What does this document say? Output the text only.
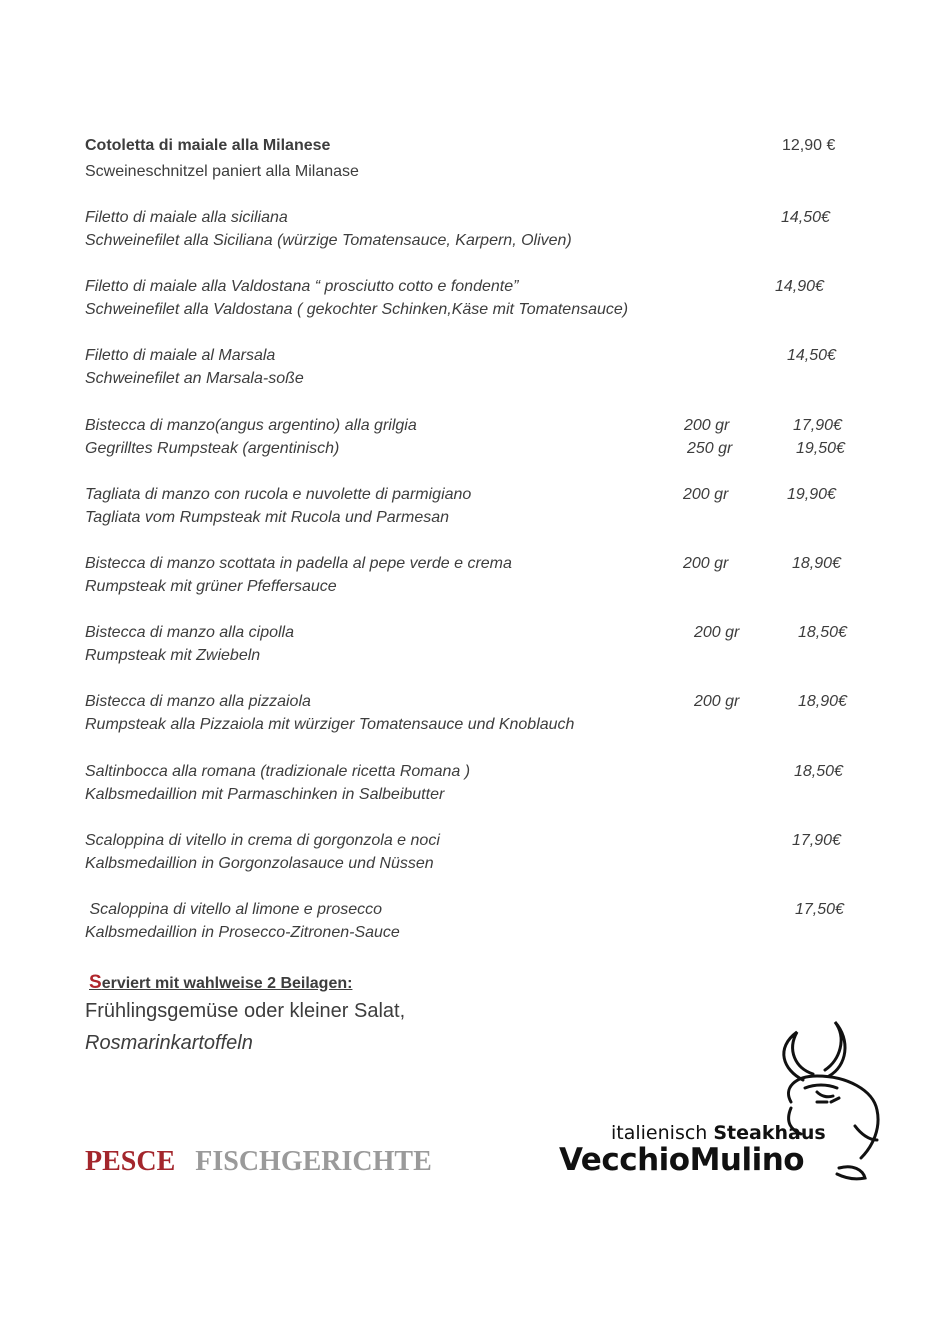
Cotoletta di maiale alla Milanese	12,90 €
Scweineschnitzel paniert alla Milanase
Filetto di maiale alla siciliana	14,50€
Schweinefilet alla Siciliana (würzige Tomatensauce, Karpern, Oliven)
Filetto di maiale alla Valdostana “ prosciutto cotto e fondente”	14,90€
Schweinefilet alla Valdostana ( gekochter Schinken,Käse mit Tomatensauce)
Filetto di maiale al Marsala	14,50€
Schweinefilet an Marsala-soße
Bistecca di manzo(angus argentino) alla grilgia	200 gr	17,90€
Gegrilltes Rumpsteak (argentinisch)	250 gr	19,50€
Tagliata di manzo con rucola e nuvolette di parmigiano	200 gr	19,90€
Tagliata vom Rumpsteak mit Rucola und Parmesan
Bistecca di manzo scottata in padella al pepe verde e crema	200 gr	18,90€
Rumpsteak mit grüner Pfeffersauce
Bistecca di manzo alla cipolla	200 gr	18,50€
Rumpsteak mit Zwiebeln
Bistecca di manzo alla pizzaiola	200 gr	18,90€
Rumpsteak alla Pizzaiola mit würziger Tomatensauce und Knoblauch
Saltinbocca alla romana (tradizionale ricetta Romana )	18,50€
Kalbsmedaillion mit Parmaschinken in Salbeibutter
Scaloppina di vitello in crema di gorgonzola e noci	17,90€
Kalbsmedaillion in Gorgonzolasauce und Nüssen
Scaloppina di vitello al limone e prosecco	17,50€
Kalbsmedaillion in Prosecco-Zitronen-Sauce
Serviert mit wahlweise 2 Beilagen:
Frühlingsgemüse oder kleiner Salat,
Rosmarinkartoffeln
PESCE FISCHGERICHTE
italienisch Steakhaus
VecchioMulino
